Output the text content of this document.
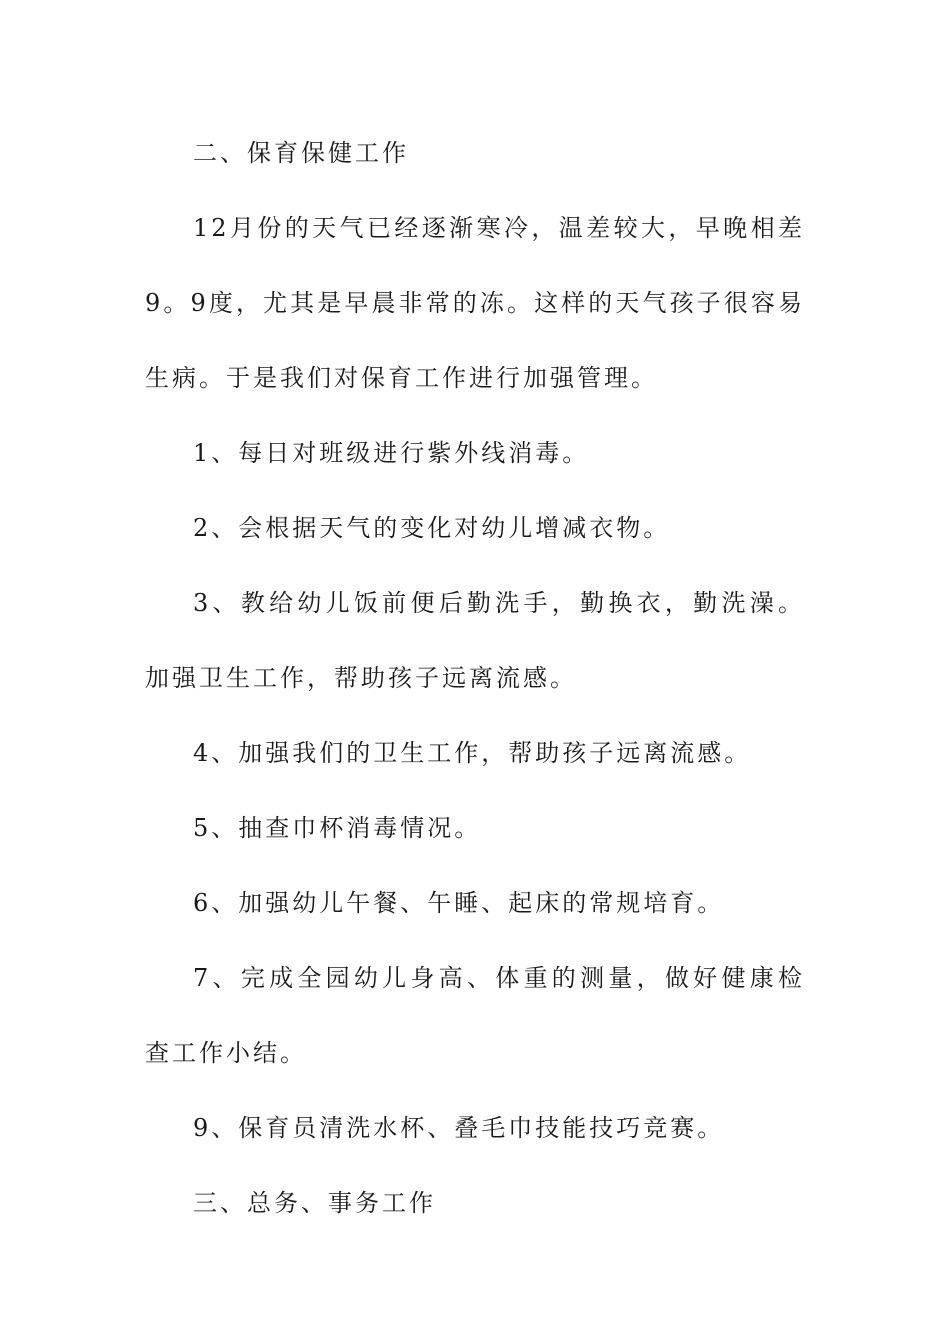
二、保育保健工作

12月份的天气已经逐渐寒冷，温差较大，早晚相差9。9度，尤其是早晨非常的冻。这样的天气孩子很容易生病。于是我们对保育工作进行加强管理。

1、每日对班级进行紫外线消毒。

2、会根据天气的变化对幼儿增减衣物。

3、教给幼儿饭前便后勤洗手，勤换衣，勤洗澡。加强卫生工作，帮助孩子远离流感。

4、加强我们的卫生工作，帮助孩子远离流感。

5、抽查巾杯消毒情况。

6、加强幼儿午餐、午睡、起床的常规培育。

7、完成全园幼儿身高、体重的测量，做好健康检查工作小结。

9、保育员清洗水杯、叠毛巾技能技巧竞赛。

三、总务、事务工作
